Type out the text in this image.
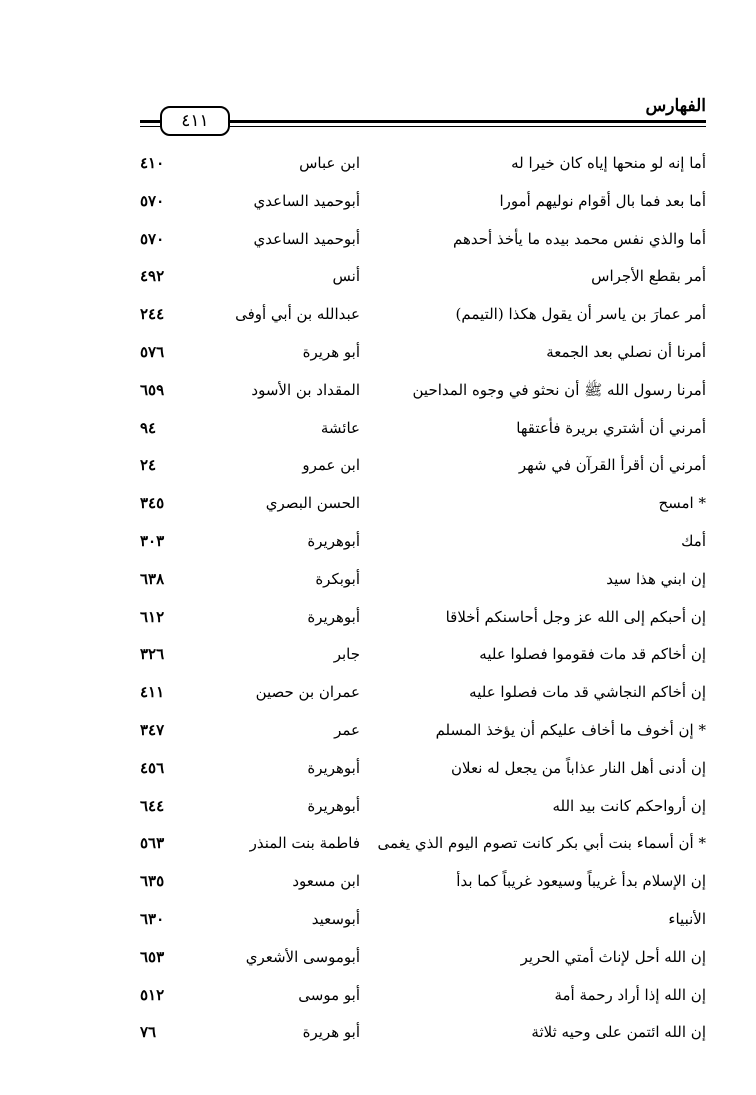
الفهارس
٤١١
أما إنه لو منحها إياه كان خيرا له
ابن عباس
٤١٠
أما بعد فما بال أقوام نوليهم أمورا
أبوحميد الساعدي
٥٧٠
أما والذي نفس محمد بيده ما يأخذ أحدهم
أبوحميد الساعدي
٥٧٠
أمر بقطع الأجراس
أنس
٤٩٢
أمر عمارَ بن ياسر أن يقول هكذا (التيمم)
عبدالله بن أبي أوفى
٢٤٤
أمرنا أن نصلي بعد الجمعة
أبو هريرة
٥٧٦
أمرنا رسول الله ﷺ أن نحثو في وجوه المداحين
المقداد بن الأسود
٦٥٩
أمرني أن أشتري بريرة فأعتقها
عائشة
٩٤
أمرني أن أقرأ القرآن في شهر
ابن عمرو
٢٤
* امسح
الحسن البصري
٣٤٥
أمك
أبوهريرة
٣٠٣
إن ابني هذا سيد
أبوبكرة
٦٣٨
إن أحبكم إلى الله عز وجل أحاسنكم أخلاقا
أبوهريرة
٦١٢
إن أخاكم قد مات فقوموا فصلوا عليه
جابر
٣٢٦
إن أخاكم النجاشي قد مات فصلوا عليه
عمران بن حصين
٤١١
* إن أخوف ما أخاف عليكم أن يؤخذ المسلم
عمر
٣٤٧
إن أدنى أهل النار عذاباً من يجعل له نعلان
أبوهريرة
٤٥٦
إن أرواحكم كانت بيد الله
أبوهريرة
٦٤٤
* أن أسماء بنت أبي بكر كانت تصوم اليوم الذي يغمى
فاطمة بنت المنذر
٥٦٣
إن الإسلام بدأ غريباً وسيعود غريباً كما بدأ
ابن مسعود
٦٣٥
الأنبياء
أبوسعيد
٦٣٠
إن الله أحل لإناث أمتي الحرير
أبوموسى الأشعري
٦٥٣
إن الله إذا أراد رحمة أمة
أبو موسى
٥١٢
إن الله ائتمن على وحيه ثلاثة
أبو هريرة
٧٦
